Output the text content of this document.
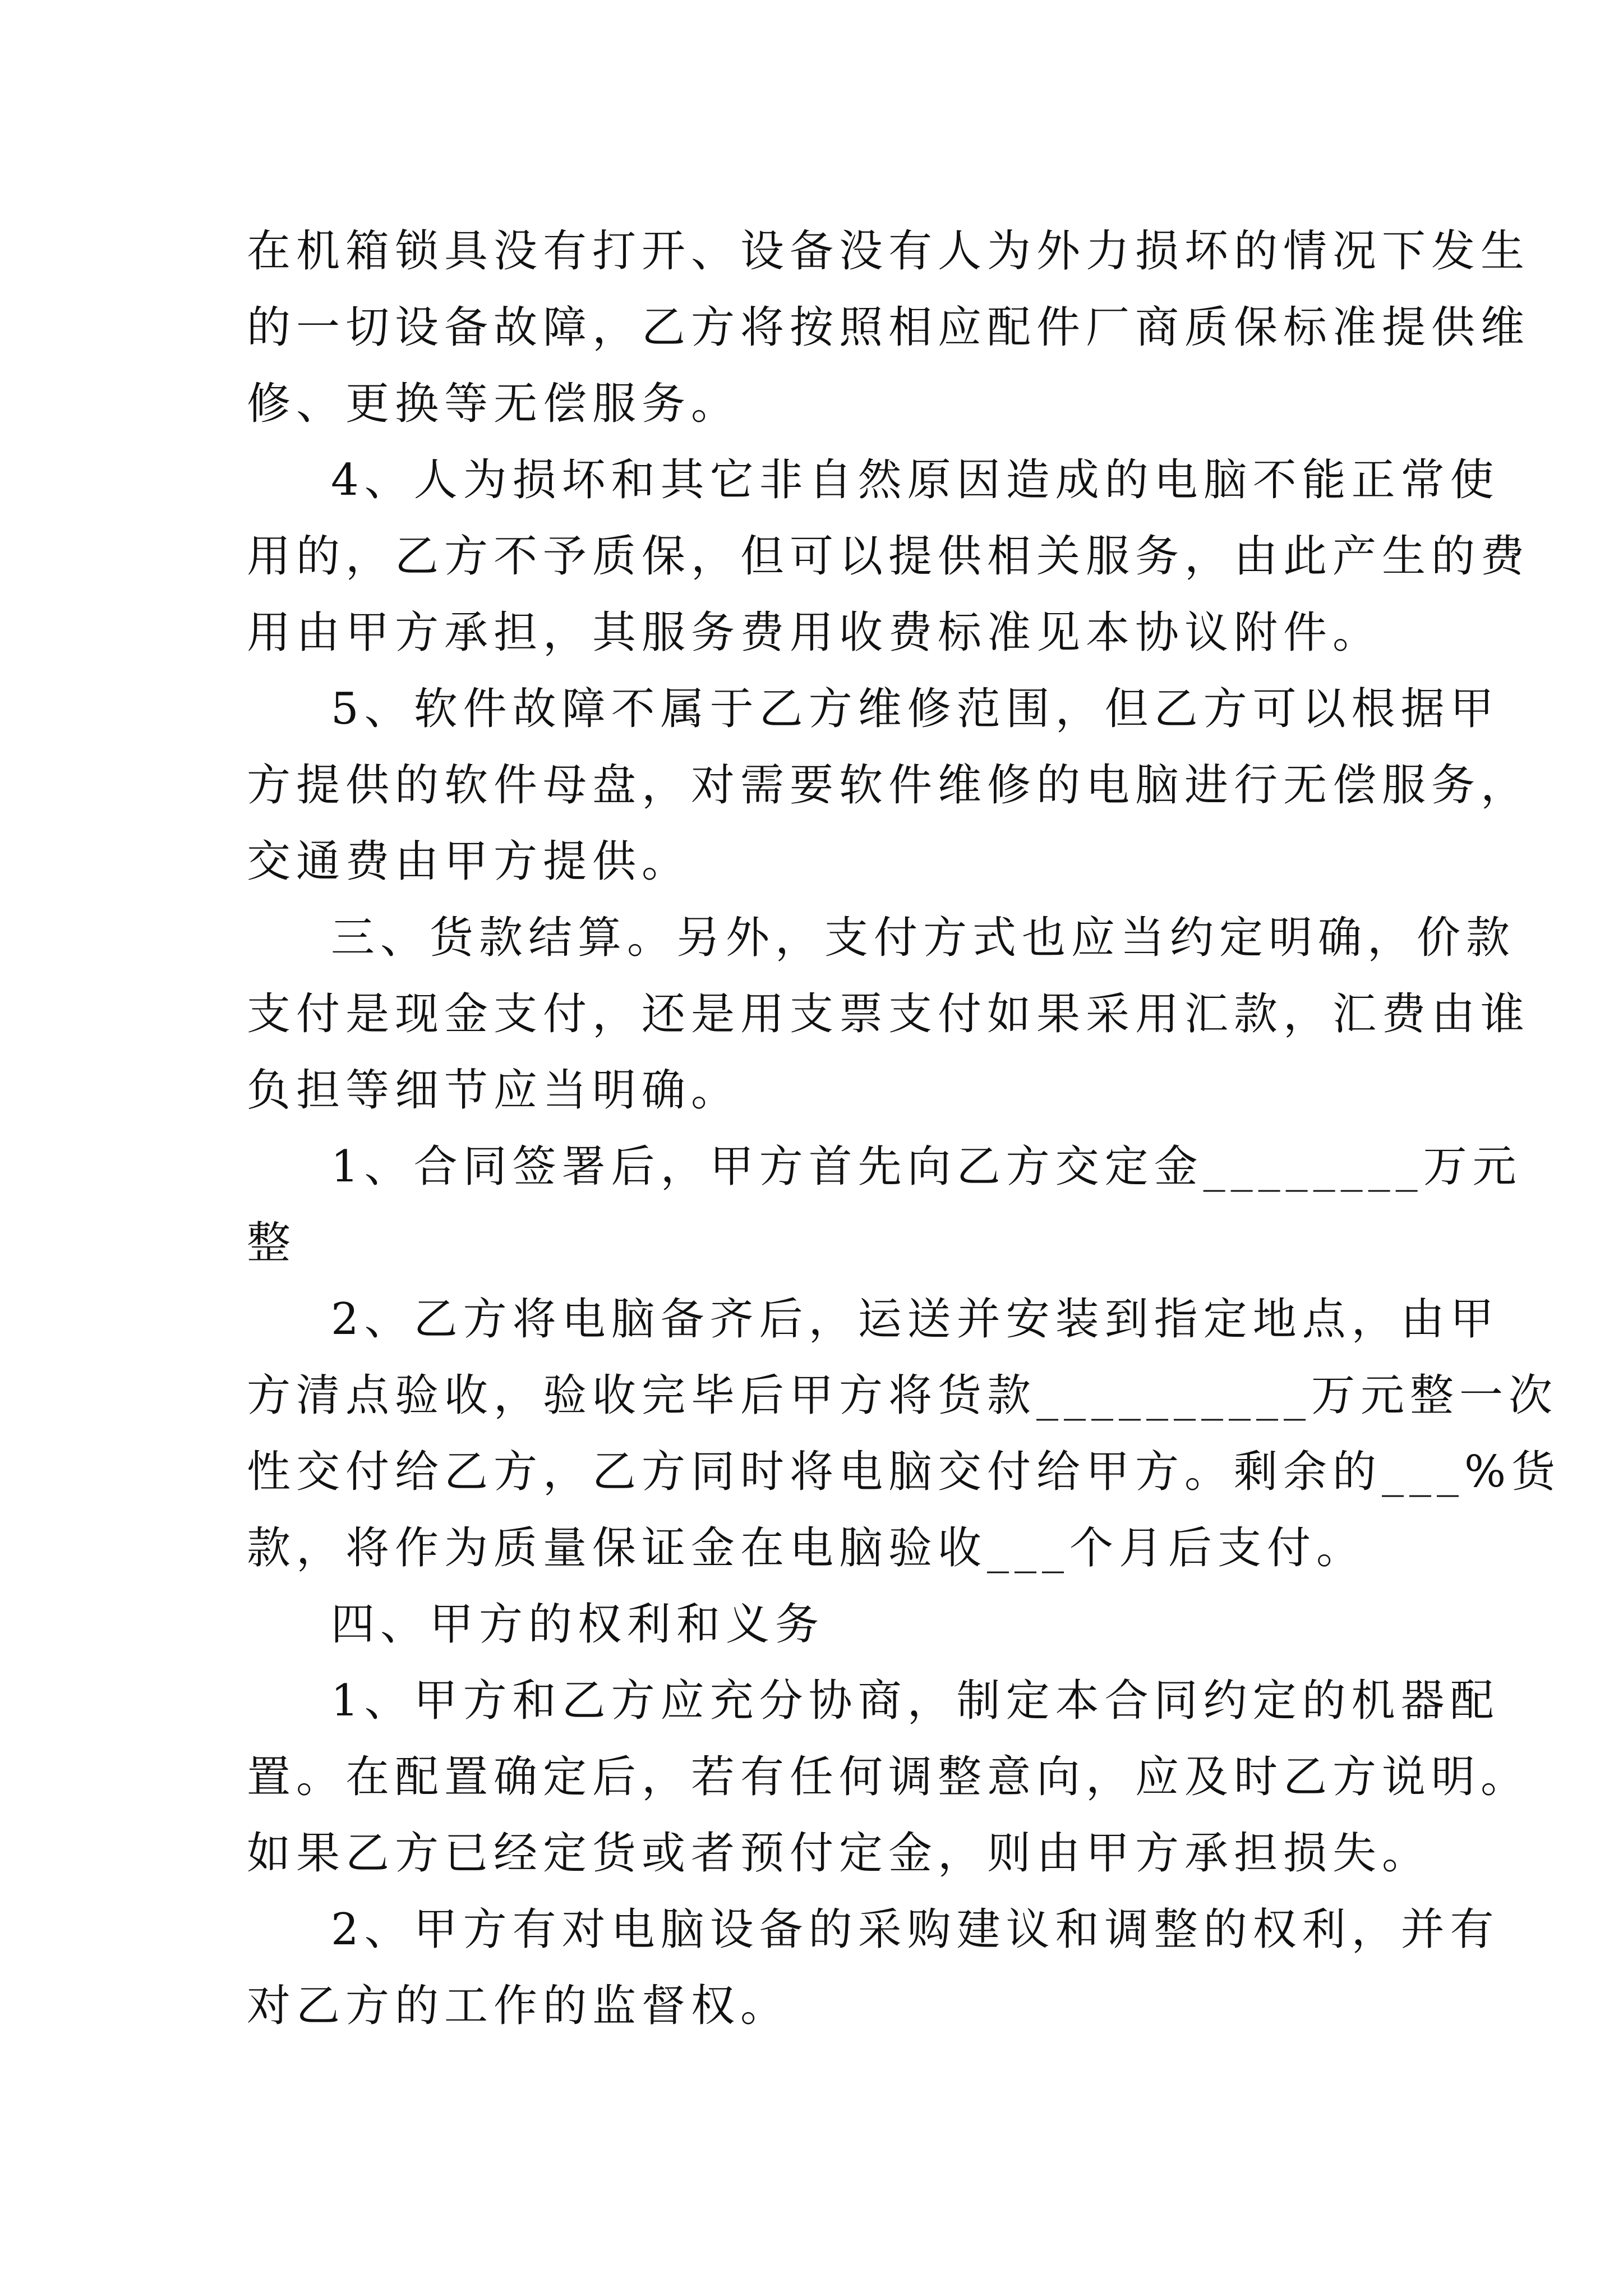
在机箱锁具没有打开、设备没有人为外力损坏的情况下发生
的一切设备故障，乙方将按照相应配件厂商质保标准提供维
修、更换等无偿服务。
4、人为损坏和其它非自然原因造成的电脑不能正常使
用的，乙方不予质保，但可以提供相关服务，由此产生的费
用由甲方承担，其服务费用收费标准见本协议附件。
5、软件故障不属于乙方维修范围，但乙方可以根据甲
方提供的软件母盘，对需要软件维修的电脑进行无偿服务，
交通费由甲方提供。
三、货款结算。另外，支付方式也应当约定明确，价款
支付是现金支付，还是用支票支付如果采用汇款，汇费由谁
负担等细节应当明确。
1、合同签署后，甲方首先向乙方交定金________万元
整
2、乙方将电脑备齐后，运送并安装到指定地点，由甲
方清点验收，验收完毕后甲方将货款__________万元整一次
性交付给乙方，乙方同时将电脑交付给甲方。剩余的___%货
款，将作为质量保证金在电脑验收___个月后支付。
四、甲方的权利和义务
1、甲方和乙方应充分协商，制定本合同约定的机器配
置。在配置确定后，若有任何调整意向，应及时乙方说明。
如果乙方已经定货或者预付定金，则由甲方承担损失。
2、甲方有对电脑设备的采购建议和调整的权利，并有
对乙方的工作的监督权。
